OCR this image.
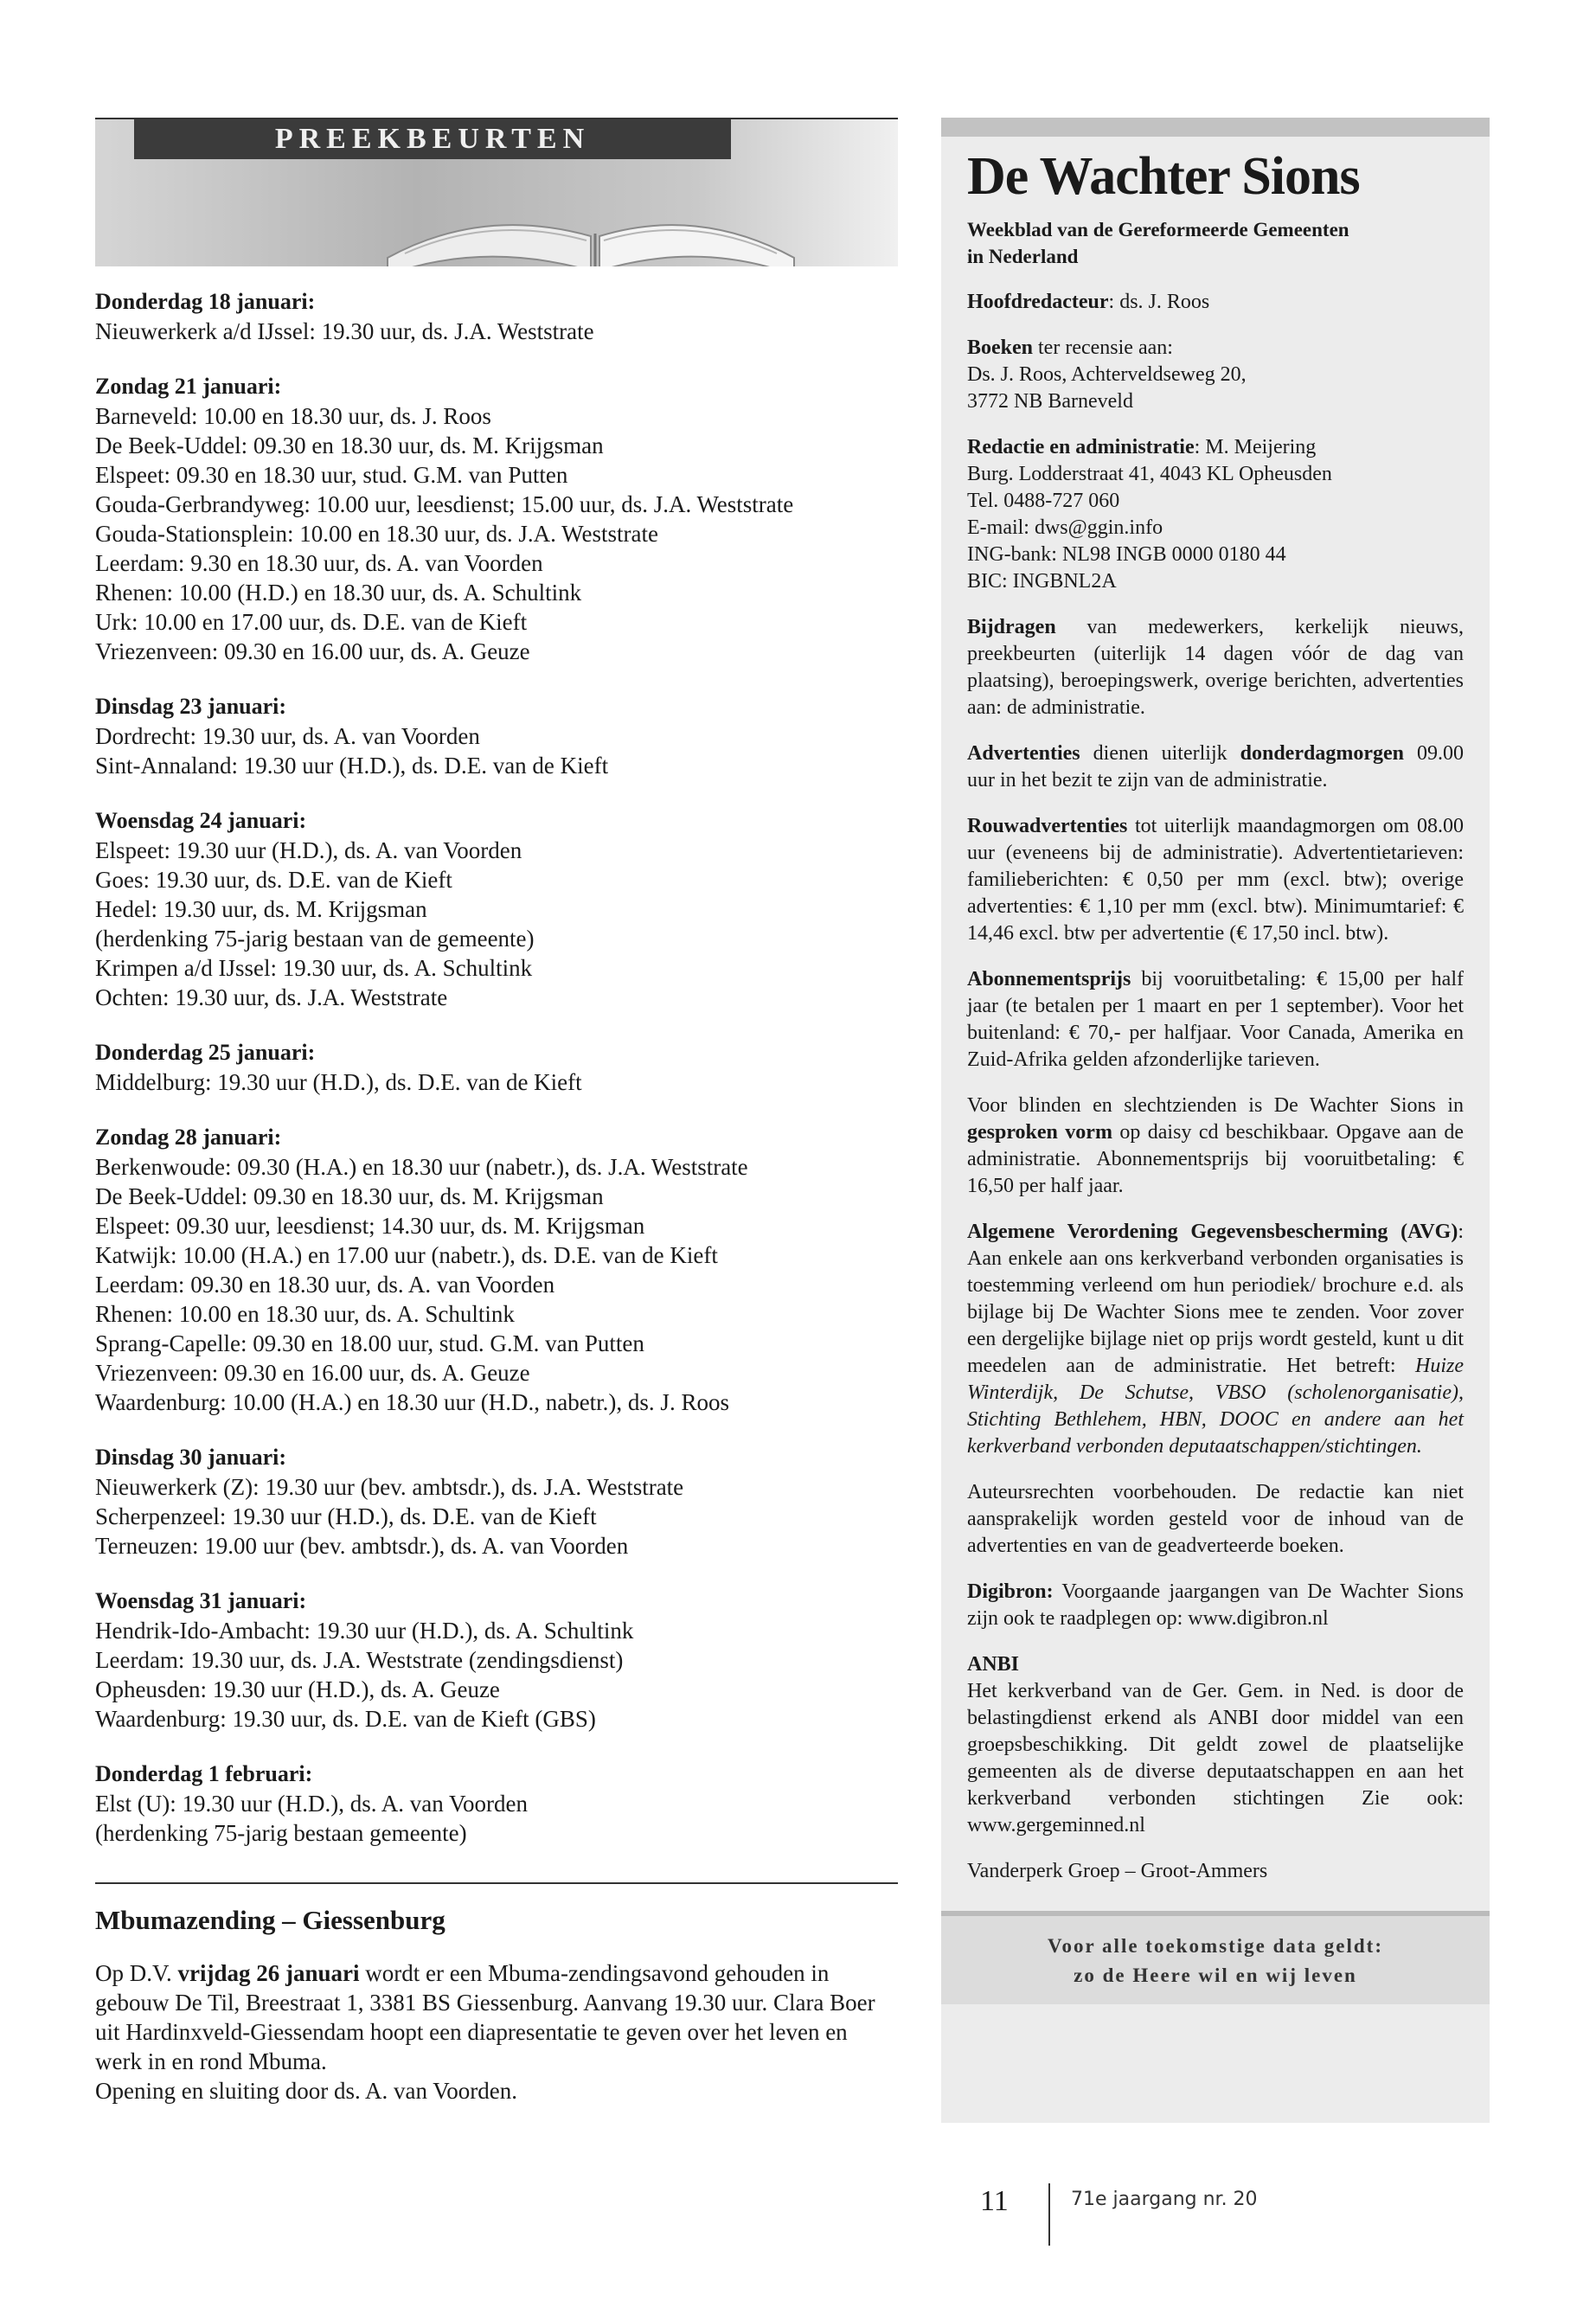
PREEKBEURTEN
Donderdag 18 januari:
Nieuwerkerk a/d IJssel: 19.30 uur, ds. J.A. Weststrate
Zondag 21 januari:
Barneveld: 10.00 en 18.30 uur, ds. J. Roos
De Beek-Uddel: 09.30 en 18.30 uur, ds. M. Krijgsman
Elspeet: 09.30 en 18.30 uur, stud. G.M. van Putten
Gouda-Gerbrandyweg: 10.00 uur, leesdienst; 15.00 uur, ds. J.A. Weststrate
Gouda-Stationsplein: 10.00 en 18.30 uur, ds. J.A. Weststrate
Leerdam: 9.30 en 18.30 uur, ds. A. van Voorden
Rhenen: 10.00 (H.D.) en 18.30 uur, ds. A. Schultink
Urk: 10.00 en 17.00 uur, ds. D.E. van de Kieft
Vriezenveen: 09.30 en 16.00 uur, ds. A. Geuze
Dinsdag 23 januari:
Dordrecht: 19.30 uur, ds. A. van Voorden
Sint-Annaland: 19.30 uur (H.D.), ds. D.E. van de Kieft
Woensdag 24 januari:
Elspeet: 19.30 uur (H.D.), ds. A. van Voorden
Goes: 19.30 uur, ds. D.E. van de Kieft
Hedel: 19.30 uur, ds. M. Krijgsman
(herdenking 75-jarig bestaan van de gemeente)
Krimpen a/d IJssel: 19.30 uur, ds. A. Schultink
Ochten: 19.30 uur, ds. J.A. Weststrate
Donderdag 25 januari:
Middelburg: 19.30 uur (H.D.), ds. D.E. van de Kieft
Zondag 28 januari:
Berkenwoude: 09.30 (H.A.) en 18.30 uur (nabetr.), ds. J.A. Weststrate
De Beek-Uddel: 09.30 en 18.30 uur, ds. M. Krijgsman
Elspeet: 09.30 uur, leesdienst; 14.30 uur, ds. M. Krijgsman
Katwijk: 10.00 (H.A.) en 17.00 uur (nabetr.), ds. D.E. van de Kieft
Leerdam: 09.30 en 18.30 uur, ds. A. van Voorden
Rhenen: 10.00 en 18.30 uur, ds. A. Schultink
Sprang-Capelle: 09.30 en 18.00 uur, stud. G.M. van Putten
Vriezenveen: 09.30 en 16.00 uur, ds. A. Geuze
Waardenburg: 10.00 (H.A.) en 18.30 uur (H.D., nabetr.), ds. J. Roos
Dinsdag 30 januari:
Nieuwerkerk (Z): 19.30 uur (bev. ambtsdr.), ds. J.A. Weststrate
Scherpenzeel: 19.30 uur (H.D.), ds. D.E. van de Kieft
Terneuzen: 19.00 uur (bev. ambtsdr.), ds. A. van Voorden
Woensdag 31 januari:
Hendrik-Ido-Ambacht: 19.30 uur (H.D.), ds. A. Schultink
Leerdam: 19.30 uur, ds. J.A. Weststrate (zendingsdienst)
Opheusden: 19.30 uur (H.D.), ds. A. Geuze
Waardenburg: 19.30 uur, ds. D.E. van de Kieft (GBS)
Donderdag 1 februari:
Elst (U): 19.30 uur (H.D.), ds. A. van Voorden
(herdenking 75-jarig bestaan gemeente)
Mbumazending – Giessenburg
Op D.V. vrijdag 26 januari wordt er een Mbuma-zendingsavond gehouden in gebouw De Til, Breestraat 1, 3381 BS Giessenburg. Aanvang 19.30 uur. Clara Boer uit Hardinxveld-Giessendam hoopt een diapresentatie te geven over het leven en werk in en rond Mbuma.
Opening en sluiting door ds. A. van Voorden.
De Wachter Sions
Weekblad van de Gereformeerde Gemeenten
in Nederland
Hoofdredacteur: ds. J. Roos
Boeken ter recensie aan:
Ds. J. Roos, Achterveldseweg 20,
3772 NB Barneveld
Redactie en administratie: M. Meijering
Burg. Lodderstraat 41, 4043 KL Opheusden
Tel. 0488-727 060
E-mail: dws@ggin.info
ING-bank: NL98 INGB 0000 0180 44
BIC: INGBNL2A
Bijdragen van medewerkers, kerkelijk nieuws, preekbeurten (uiterlijk 14 dagen vóór de dag van plaatsing), beroepingswerk, overige berichten, advertenties aan: de administratie.
Advertenties dienen uiterlijk donderdagmorgen 09.00 uur in het bezit te zijn van de administratie.
Rouwadvertenties tot uiterlijk maandagmorgen om 08.00 uur (eveneens bij de administratie). Advertentietarieven: familieberichten: € 0,50 per mm (excl. btw); overige advertenties: € 1,10 per mm (excl. btw). Minimumtarief: € 14,46 excl. btw per advertentie (€ 17,50 incl. btw).
Abonnementsprijs bij vooruitbetaling: € 15,00 per half jaar (te betalen per 1 maart en per 1 september). Voor het buitenland: € 70,- per halfjaar. Voor Canada, Amerika en Zuid-Afrika gelden afzonderlijke tarieven.
Voor blinden en slechtzienden is De Wachter Sions in gesproken vorm op daisy cd beschikbaar. Opgave aan de administratie. Abonnementsprijs bij vooruitbetaling: € 16,50 per half jaar.
Algemene Verordening Gegevensbescherming (AVG): Aan enkele aan ons kerkverband verbonden organisaties is toestemming verleend om hun periodiek/ brochure e.d. als bijlage bij De Wachter Sions mee te zenden. Voor zover een dergelijke bijlage niet op prijs wordt gesteld, kunt u dit meedelen aan de administratie. Het betreft: Huize Winterdijk, De Schutse, VBSO (scholenorganisatie), Stichting Bethlehem, HBN, DOOC en andere aan het kerkverband verbonden deputaatschappen/stichtingen.
Auteursrechten voorbehouden. De redactie kan niet aansprakelijk worden gesteld voor de inhoud van de advertenties en van de geadverteerde boeken.
Digibron: Voorgaande jaargangen van De Wachter Sions zijn ook te raadplegen op: www.digibron.nl
ANBI
Het kerkverband van de Ger. Gem. in Ned. is door de belastingdienst erkend als ANBI door middel van een groepsbeschikking. Dit geldt zowel de plaatselijke gemeenten als de diverse deputaatschappen en aan het kerkverband verbonden stichtingen Zie ook: www.gergeminned.nl
Vanderperk Groep – Groot-Ammers
Voor alle toekomstige data geldt:
zo de Heere wil en wij leven
11	71e jaargang nr. 20
